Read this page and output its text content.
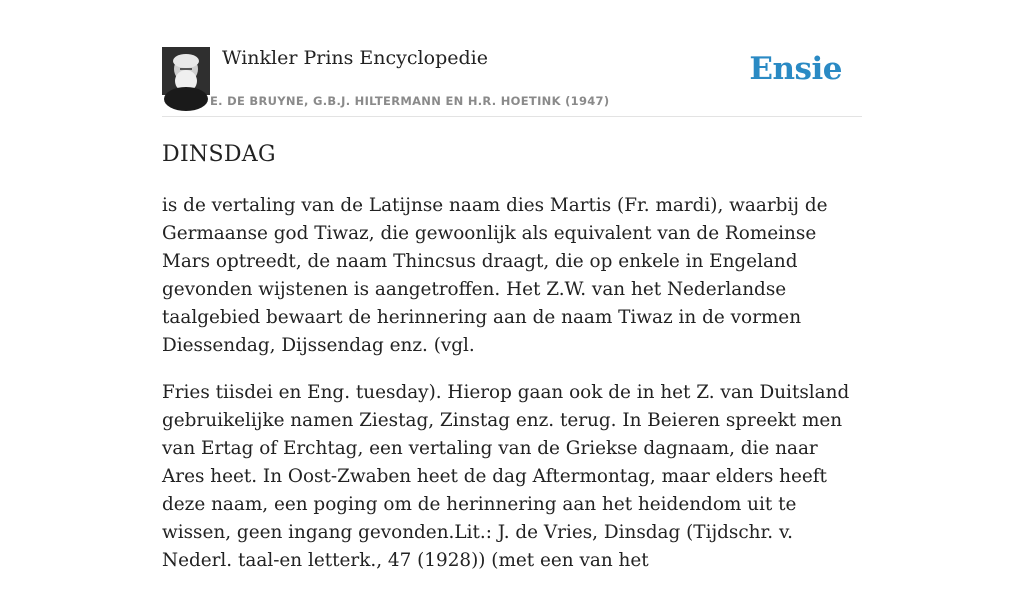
Winkler Prins Encyclopedie
E. DE BRUYNE, G.B.J. HILTERMANN EN H.R. HOETINK (1947)
Ensie
DINSDAG

is de vertaling van de Latijnse naam dies Martis (Fr. mardi), waarbij de Germaanse god Tiwaz, die gewoonlijk als equivalent van de Romeinse Mars optreedt, de naam Thincsus draagt, die op enkele in Engeland gevonden wijstenen is aangetroffen. Het Z.W. van het Nederlandse taalgebied bewaart de herinnering aan de naam Tiwaz in de vormen Diessendag, Dijssendag enz. (vgl.

Fries tiisdei en Eng. tuesday). Hierop gaan ook de in het Z. van Duitsland gebruikelijke namen Ziestag, Zinstag enz. terug. In Beieren spreekt men van Ertag of Erchtag, een vertaling van de Griekse dagnaam, die naar Ares heet. In Oost-Zwaben heet de dag Aftermontag, maar elders heeft deze naam, een poging om de herinnering aan het heidendom uit te wissen, geen ingang gevonden.Lit.: J. de Vries, Dinsdag (Tijdschr. v. Nederl. taal-en letterk., 47 (1928)) (met een van het
